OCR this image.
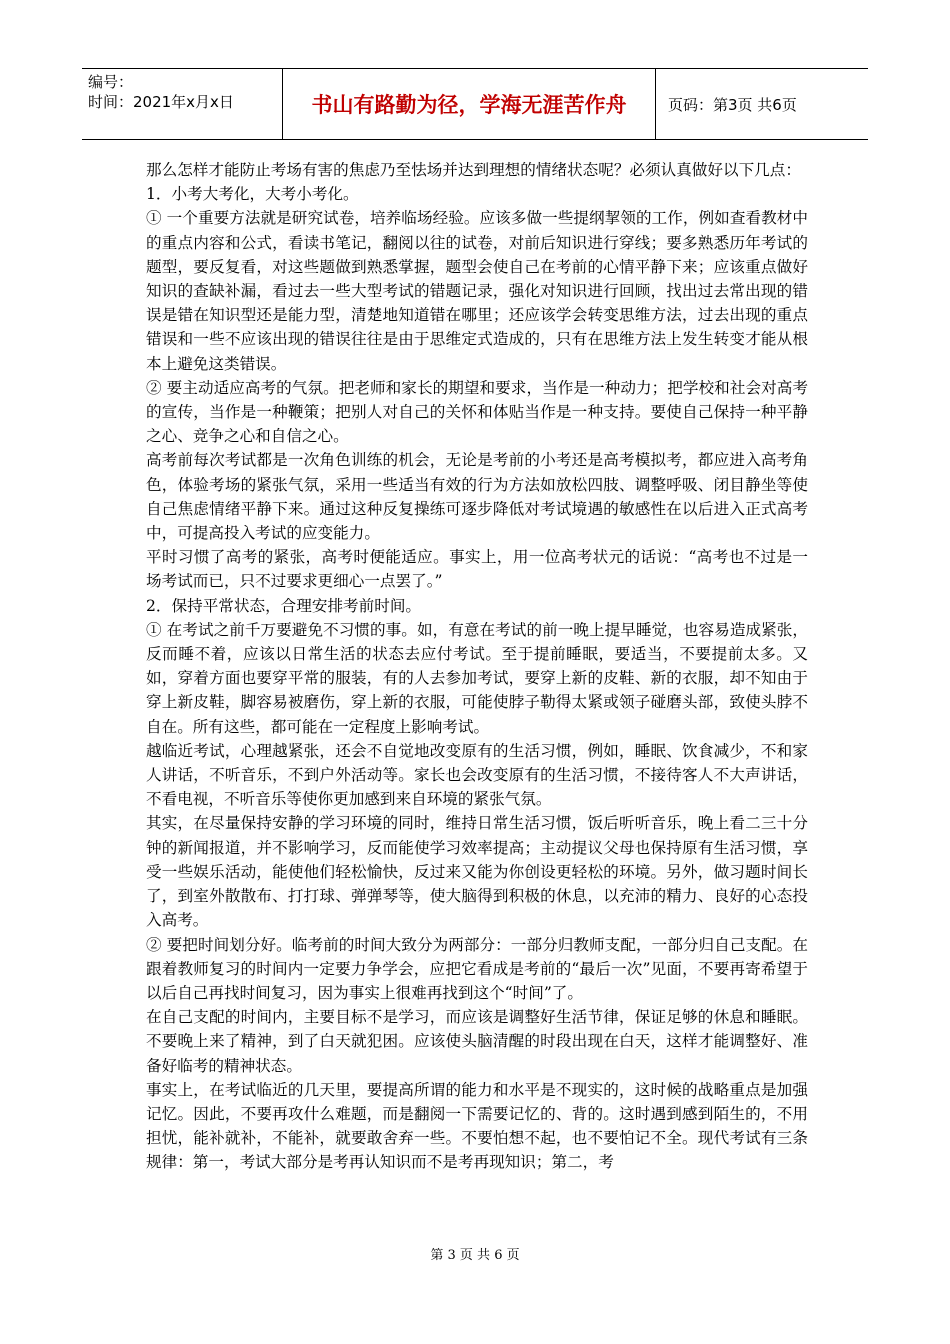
编号：
时间：2021年x月x日	书山有路勤为径，学海无涯苦作舟	页码：第3页 共6页

那么怎样才能防止考场有害的焦虑乃至怯场并达到理想的情绪状态呢？必须认真做好以下几点：

1．小考大考化，大考小考化。

① 一个重要方法就是研究试卷，培养临场经验。应该多做一些提纲挈领的工作，例如查看教材中的重点内容和公式，看读书笔记，翻阅以往的试卷，对前后知识进行穿线；要多熟悉历年考试的题型，要反复看，对这些题做到熟悉掌握，题型会使自己在考前的心情平静下来；应该重点做好知识的查缺补漏，看过去一些大型考试的错题记录，强化对知识进行回顾，找出过去常出现的错误是错在知识型还是能力型，清楚地知道错在哪里；还应该学会转变思维方法，过去出现的重点错误和一些不应该出现的错误往往是由于思维定式造成的，只有在思维方法上发生转变才能从根本上避免这类错误。

② 要主动适应高考的气氛。把老师和家长的期望和要求，当作是一种动力；把学校和社会对高考的宣传，当作是一种鞭策；把别人对自己的关怀和体贴当作是一种支持。要使自己保持一种平静之心、竞争之心和自信之心。

高考前每次考试都是一次角色训练的机会，无论是考前的小考还是高考模拟考，都应进入高考角色，体验考场的紧张气氛，采用一些适当有效的行为方法如放松四肢、调整呼吸、闭目静坐等使自己焦虑情绪平静下来。通过这种反复操练可逐步降低对考试境遇的敏感性在以后进入正式高考中，可提高投入考试的应变能力。

平时习惯了高考的紧张，高考时便能适应。事实上，用一位高考状元的话说：“高考也不过是一场考试而已，只不过要求更细心一点罢了。”

2．保持平常状态，合理安排考前时间。

① 在考试之前千万要避免不习惯的事。如，有意在考试的前一晚上提早睡觉，也容易造成紧张，反而睡不着，应该以日常生活的状态去应付考试。至于提前睡眠，要适当，不要提前太多。又如，穿着方面也要穿平常的服装，有的人去参加考试，要穿上新的皮鞋、新的衣服，却不知由于穿上新皮鞋，脚容易被磨伤，穿上新的衣服，可能使脖子勒得太紧或领子碰磨头部，致使头脖不自在。所有这些，都可能在一定程度上影响考试。

越临近考试，心理越紧张，还会不自觉地改变原有的生活习惯，例如，睡眠、饮食减少，不和家人讲话，不听音乐，不到户外活动等。家长也会改变原有的生活习惯，不接待客人不大声讲话，不看电视，不听音乐等使你更加感到来自环境的紧张气氛。

其实，在尽量保持安静的学习环境的同时，维持日常生活习惯，饭后听听音乐，晚上看二三十分钟的新闻报道，并不影响学习，反而能使学习效率提高；主动提议父母也保持原有生活习惯，享受一些娱乐活动，能使他们轻松愉快，反过来又能为你创设更轻松的环境。另外，做习题时间长了，到室外散散布、打打球、弹弹琴等，使大脑得到积极的休息，以充沛的精力、良好的心态投入高考。

② 要把时间划分好。临考前的时间大致分为两部分：一部分归教师支配，一部分归自己支配。在跟着教师复习的时间内一定要力争学会，应把它看成是考前的“最后一次”见面，不要再寄希望于以后自己再找时间复习，因为事实上很难再找到这个“时间”了。

在自己支配的时间内，主要目标不是学习，而应该是调整好生活节律，保证足够的休息和睡眠。不要晚上来了精神，到了白天就犯困。应该使头脑清醒的时段出现在白天，这样才能调整好、准备好临考的精神状态。

事实上，在考试临近的几天里，要提高所谓的能力和水平是不现实的，这时候的战略重点是加强记忆。因此，不要再攻什么难题，而是翻阅一下需要记忆的、背的。这时遇到感到陌生的，不用担忧，能补就补，不能补，就要敢舍弃一些。不要怕想不起，也不要怕记不全。现代考试有三条规律：第一，考试大部分是考再认知识而不是考再现知识；第二，考

第 3 页 共 6 页
